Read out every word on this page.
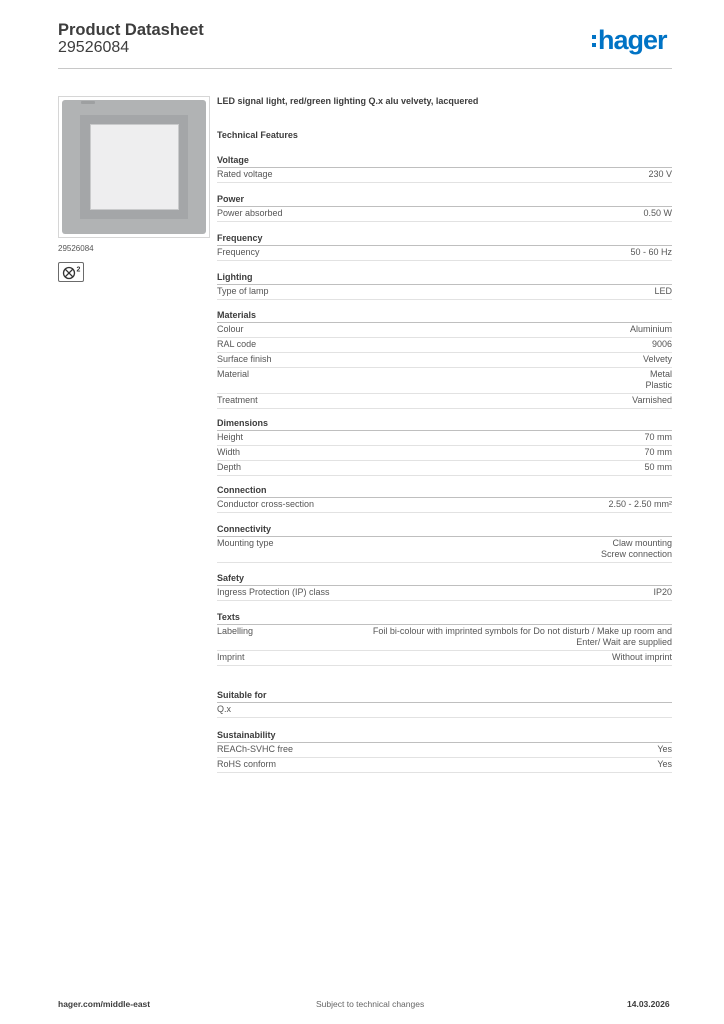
Product Datasheet
29526084	hager
29526084
2
LED signal light, red/green lighting Q.x alu velvety, lacquered
Technical Features
Voltage
Rated voltage	230 V
Power
Power absorbed	0.50 W
Frequency
Frequency	50 - 60 Hz
Lighting
Type of lamp	LED
Materials
Colour	Aluminium
RAL code	9006
Surface finish	Velvety
Material	Metal
Plastic
Treatment	Varnished
Dimensions
Height	70 mm
Width	70 mm
Depth	50 mm
Connection
Conductor cross-section	2.50 - 2.50 mm²
Connectivity
Mounting type	Claw mounting
Screw connection
Safety
Ingress Protection (IP) class	IP20
Texts
Labelling	Foil bi-colour with imprinted symbols for Do not disturb / Make up room and
Enter/ Wait are supplied
Imprint	Without imprint
Suitable for
Q.x
Sustainability
REACh-SVHC free	Yes
RoHS conform	Yes
hager.com/middle-east	Subject to technical changes	14.03.2026
